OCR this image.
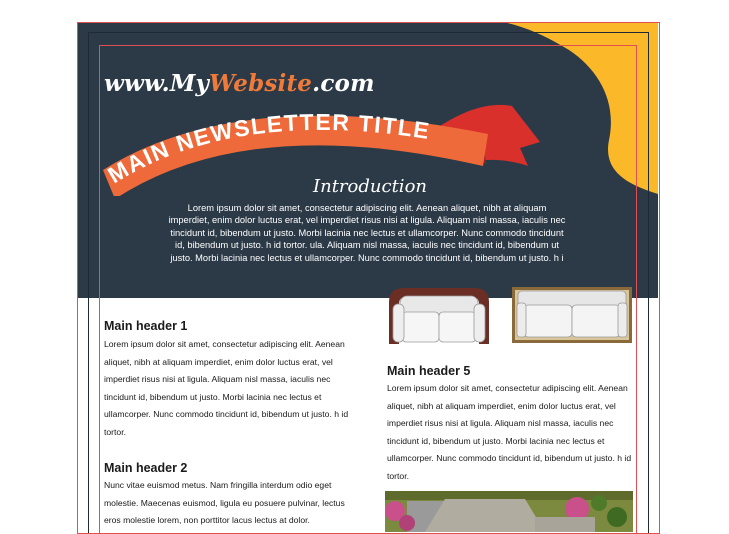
www.MyWebsite.com

MAIN NEWSLETTER TITLE
Introduction

Lorem ipsum dolor sit amet, consectetur adipiscing elit. Aenean aliquet, nibh at aliquam imperdiet, enim dolor luctus erat, vel imperdiet risus nisi at ligula. Aliquam nisl massa, iaculis nec tincidunt id, bibendum ut justo. Morbi lacinia nec lectus et ullamcorper. Nunc commodo tincidunt id, bibendum ut justo. h id tortor. ula. Aliquam nisl massa, iaculis nec tincidunt id, bibendum ut justo. Morbi lacinia nec lectus et ullamcorper. Nunc commodo tincidunt id, bibendum ut justo. h i

Main header 1

Lorem ipsum dolor sit amet, consectetur adipiscing elit. Aenean aliquet, nibh at aliquam imperdiet, enim dolor luctus erat, vel imperdiet risus nisi at ligula. Aliquam nisl massa, iaculis nec tincidunt id, bibendum ut justo. Morbi lacinia nec lectus et ullamcorper. Nunc commodo tincidunt id, bibendum ut justo. h id tortor.

Main header 2

Nunc vitae euismod metus. Nam fringilla interdum odio eget molestie. Maecenas euismod, ligula eu posuere pulvinar, lectus eros molestie lorem, non porttitor lacus lectus at dolor.

Main header 5

Lorem ipsum dolor sit amet, consectetur adipiscing elit. Aenean aliquet, nibh at aliquam imperdiet, enim dolor luctus erat, vel imperdiet risus nisi at ligula. Aliquam nisl massa, iaculis nec tincidunt id, bibendum ut justo. Morbi lacinia nec lectus et ullamcorper. Nunc commodo tincidunt id, bibendum ut justo. h id tortor.
